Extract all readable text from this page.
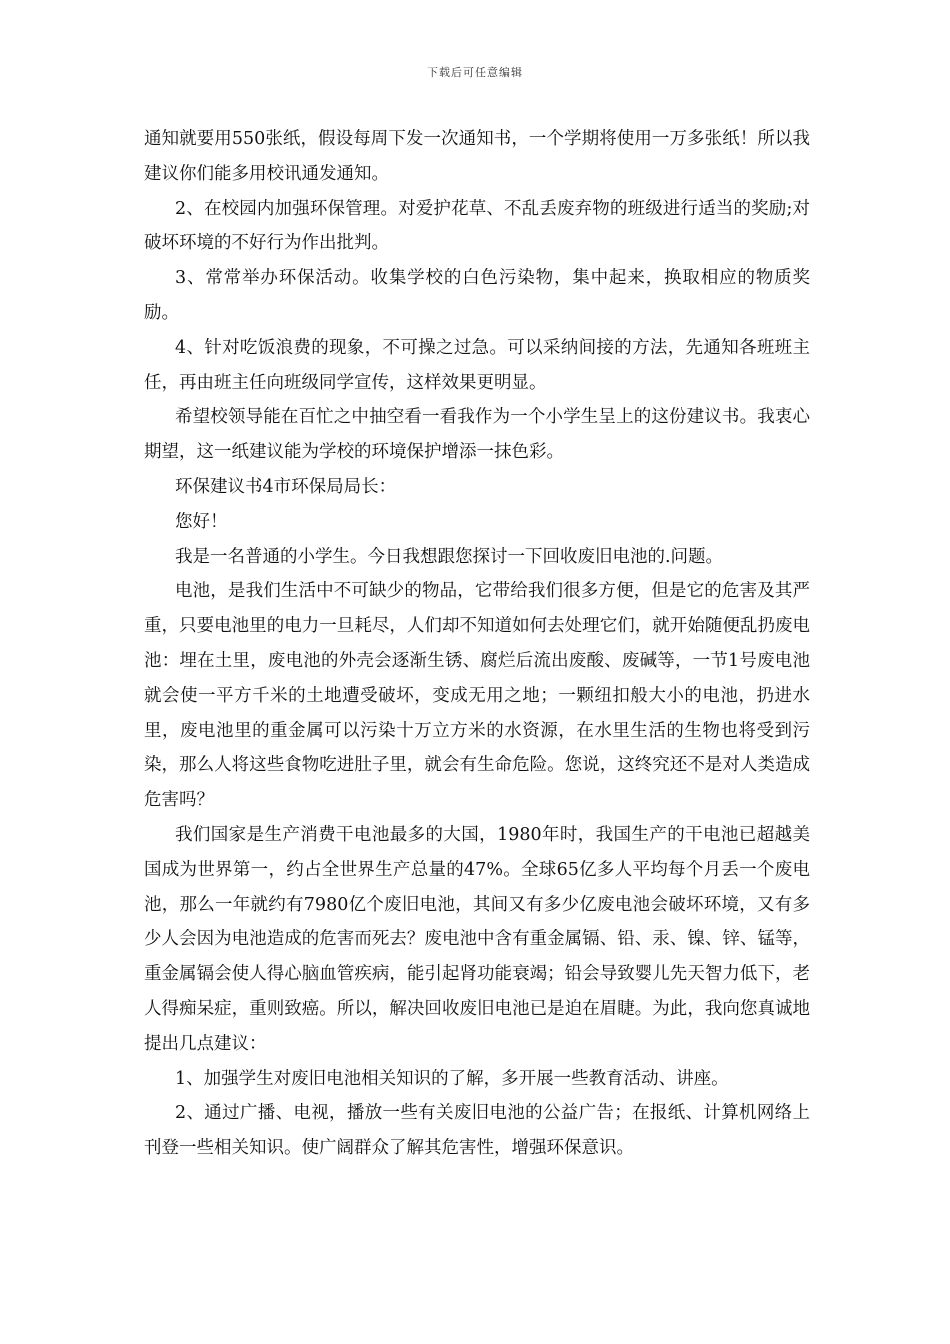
下载后可任意编辑

通知就要用550张纸，假设每周下发一次通知书，一个学期将使用一万多张纸！所以我建议你们能多用校讯通发通知。

2、在校园内加强环保管理。对爱护花草、不乱丢废弃物的班级进行适当的奖励;对破坏环境的不好行为作出批判。

3、常常举办环保活动。收集学校的白色污染物，集中起来，换取相应的物质奖励。

4、针对吃饭浪费的现象，不可操之过急。可以采纳间接的方法，先通知各班班主任，再由班主任向班级同学宣传，这样效果更明显。

希望校领导能在百忙之中抽空看一看我作为一个小学生呈上的这份建议书。我衷心期望，这一纸建议能为学校的环境保护增添一抹色彩。

环保建议书4市环保局局长：

您好！

我是一名普通的小学生。今日我想跟您探讨一下回收废旧电池的.问题。

电池，是我们生活中不可缺少的物品，它带给我们很多方便，但是它的危害及其严重，只要电池里的电力一旦耗尽，人们却不知道如何去处理它们，就开始随便乱扔废电池：埋在土里，废电池的外壳会逐渐生锈、腐烂后流出废酸、废碱等，一节1号废电池就会使一平方千米的土地遭受破坏，变成无用之地；一颗纽扣般大小的电池，扔进水里，废电池里的重金属可以污染十万立方米的水资源，在水里生活的生物也将受到污染，那么人将这些食物吃进肚子里，就会有生命危险。您说，这终究还不是对人类造成危害吗？

我们国家是生产消费干电池最多的大国，1980年时，我国生产的干电池已超越美国成为世界第一，约占全世界生产总量的47%。全球65亿多人平均每个月丢一个废电池，那么一年就约有7980亿个废旧电池，其间又有多少亿废电池会破坏环境，又有多少人会因为电池造成的危害而死去？废电池中含有重金属镉、铅、汞、镍、锌、锰等，重金属镉会使人得心脑血管疾病，能引起肾功能衰竭；铅会导致婴儿先天智力低下，老人得痴呆症，重则致癌。所以，解决回收废旧电池已是迫在眉睫。为此，我向您真诚地提出几点建议：

1、加强学生对废旧电池相关知识的了解，多开展一些教育活动、讲座。

2、通过广播、电视，播放一些有关废旧电池的公益广告；在报纸、计算机网络上刊登一些相关知识。使广阔群众了解其危害性，增强环保意识。
